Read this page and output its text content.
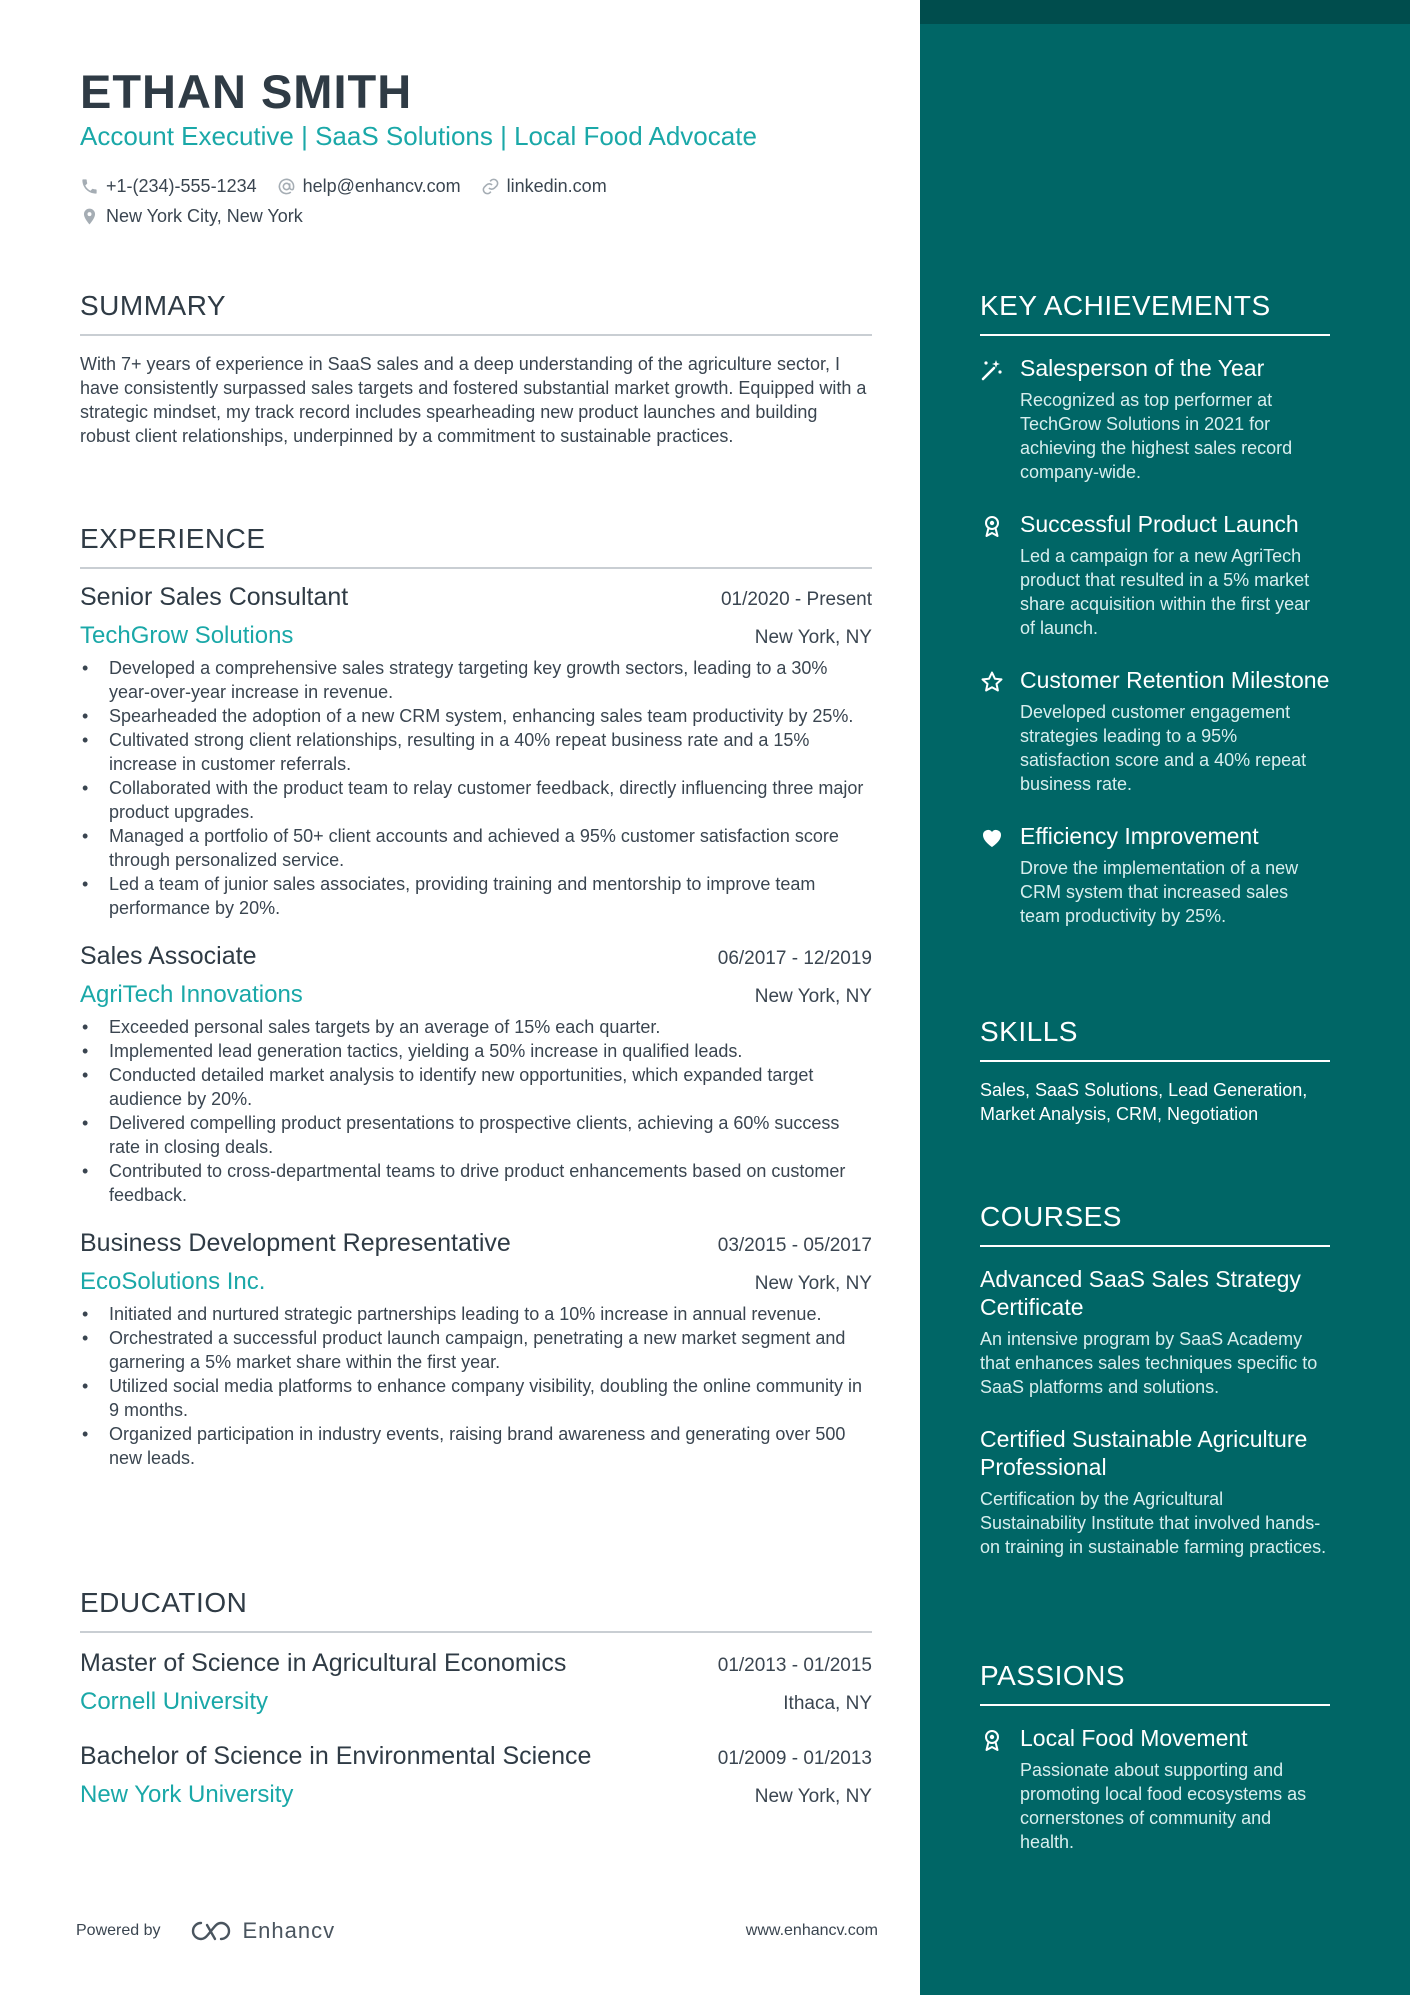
ETHAN SMITH
Account Executive | SaaS Solutions | Local Food Advocate
+1-(234)-555-1234	help@enhancv.com	linkedin.com
New York City, New York
SUMMARY
With 7+ years of experience in SaaS sales and a deep understanding of the agriculture sector, I have consistently surpassed sales targets and fostered substantial market growth. Equipped with a strategic mindset, my track record includes spearheading new product launches and building robust client relationships, underpinned by a commitment to sustainable practices.
EXPERIENCE
Senior Sales Consultant	01/2020 - Present
TechGrow Solutions	New York, NY
• Developed a comprehensive sales strategy targeting key growth sectors, leading to a 30% year-over-year increase in revenue.
• Spearheaded the adoption of a new CRM system, enhancing sales team productivity by 25%.
• Cultivated strong client relationships, resulting in a 40% repeat business rate and a 15% increase in customer referrals.
• Collaborated with the product team to relay customer feedback, directly influencing three major product upgrades.
• Managed a portfolio of 50+ client accounts and achieved a 95% customer satisfaction score through personalized service.
• Led a team of junior sales associates, providing training and mentorship to improve team performance by 20%.
Sales Associate	06/2017 - 12/2019
AgriTech Innovations	New York, NY
• Exceeded personal sales targets by an average of 15% each quarter.
• Implemented lead generation tactics, yielding a 50% increase in qualified leads.
• Conducted detailed market analysis to identify new opportunities, which expanded target audience by 20%.
• Delivered compelling product presentations to prospective clients, achieving a 60% success rate in closing deals.
• Contributed to cross-departmental teams to drive product enhancements based on customer feedback.
Business Development Representative	03/2015 - 05/2017
EcoSolutions Inc.	New York, NY
• Initiated and nurtured strategic partnerships leading to a 10% increase in annual revenue.
• Orchestrated a successful product launch campaign, penetrating a new market segment and garnering a 5% market share within the first year.
• Utilized social media platforms to enhance company visibility, doubling the online community in 9 months.
• Organized participation in industry events, raising brand awareness and generating over 500 new leads.
EDUCATION
Master of Science in Agricultural Economics	01/2013 - 01/2015
Cornell University	Ithaca, NY
Bachelor of Science in Environmental Science	01/2009 - 01/2013
New York University	New York, NY
Powered by	Enhancv	www.enhancv.com
KEY ACHIEVEMENTS
Salesperson of the Year
Recognized as top performer at TechGrow Solutions in 2021 for achieving the highest sales record company-wide.
Successful Product Launch
Led a campaign for a new AgriTech product that resulted in a 5% market share acquisition within the first year of launch.
Customer Retention Milestone
Developed customer engagement strategies leading to a 95% satisfaction score and a 40% repeat business rate.
Efficiency Improvement
Drove the implementation of a new CRM system that increased sales team productivity by 25%.
SKILLS
Sales, SaaS Solutions, Lead Generation, Market Analysis, CRM, Negotiation
COURSES
Advanced SaaS Sales Strategy Certificate
An intensive program by SaaS Academy that enhances sales techniques specific to SaaS platforms and solutions.
Certified Sustainable Agriculture Professional
Certification by the Agricultural Sustainability Institute that involved hands-on training in sustainable farming practices.
PASSIONS
Local Food Movement
Passionate about supporting and promoting local food ecosystems as cornerstones of community and health.
